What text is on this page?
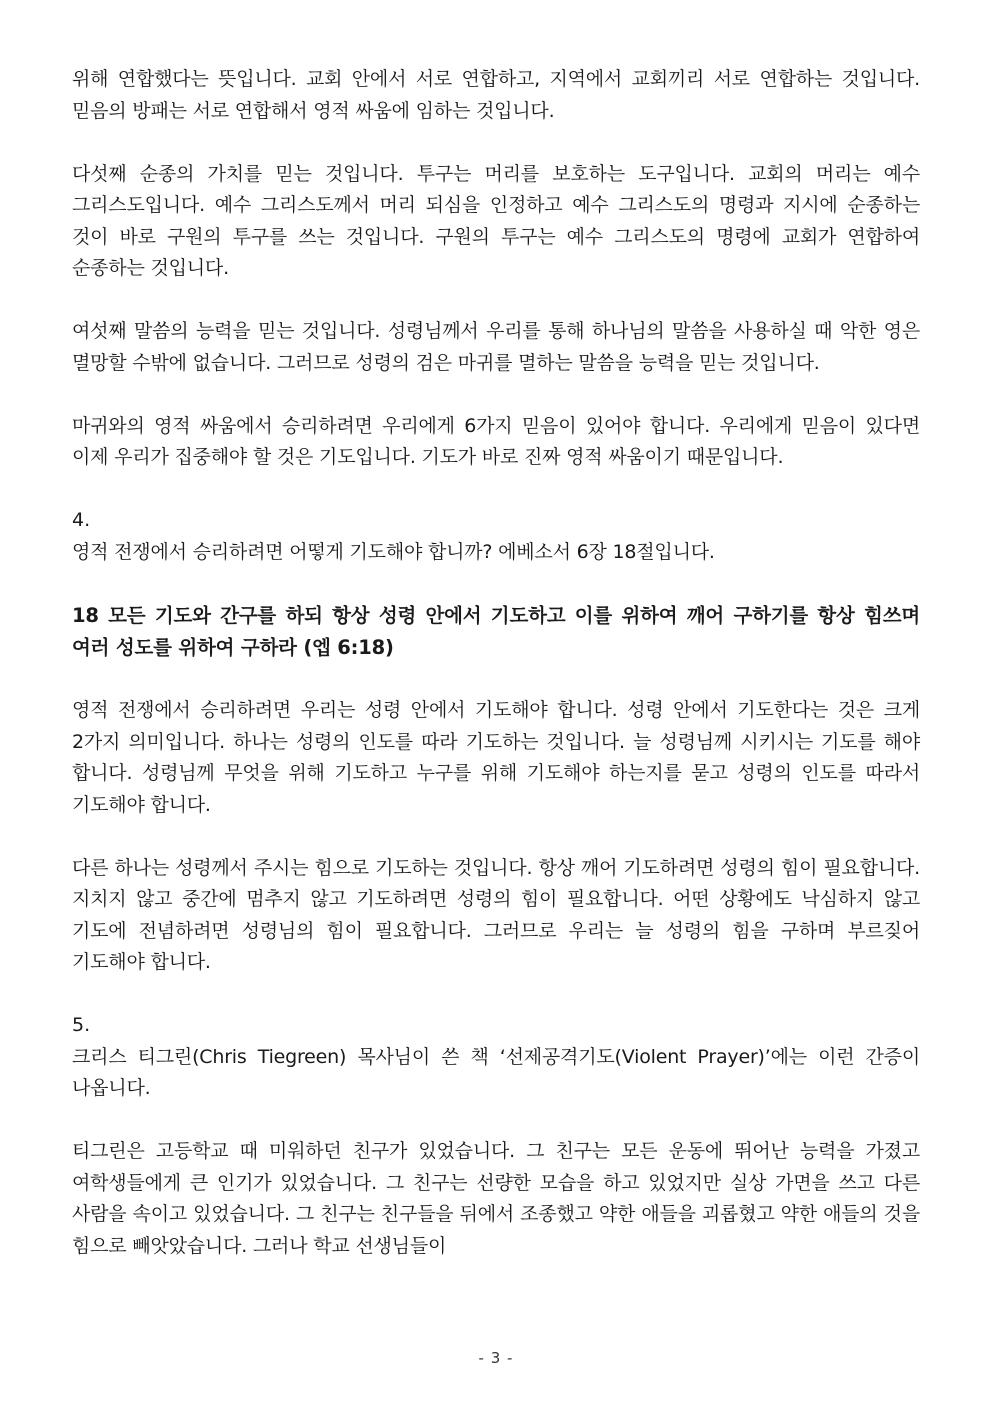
위해 연합했다는 뜻입니다. 교회 안에서 서로 연합하고, 지역에서 교회끼리 서로 연합하는 것입니다. 믿음의 방패는 서로 연합해서 영적 싸움에 임하는 것입니다.

다섯째 순종의 가치를 믿는 것입니다. 투구는 머리를 보호하는 도구입니다. 교회의 머리는 예수 그리스도입니다. 예수 그리스도께서 머리 되심을 인정하고 예수 그리스도의 명령과 지시에 순종하는 것이 바로 구원의 투구를 쓰는 것입니다. 구원의 투구는 예수 그리스도의 명령에 교회가 연합하여 순종하는 것입니다.

여섯째 말씀의 능력을 믿는 것입니다. 성령님께서 우리를 통해 하나님의 말씀을 사용하실 때 악한 영은 멸망할 수밖에 없습니다. 그러므로 성령의 검은 마귀를 멸하는 말씀을 능력을 믿는 것입니다.

마귀와의 영적 싸움에서 승리하려면 우리에게 6가지 믿음이 있어야 합니다. 우리에게 믿음이 있다면 이제 우리가 집중해야 할 것은 기도입니다. 기도가 바로 진짜 영적 싸움이기 때문입니다.

4.

영적 전쟁에서 승리하려면 어떻게 기도해야 합니까? 에베소서 6장 18절입니다.

18 모든 기도와 간구를 하되 항상 성령 안에서 기도하고 이를 위하여 깨어 구하기를 항상 힘쓰며 여러 성도를 위하여 구하라 (엡 6:18)

영적 전쟁에서 승리하려면 우리는 성령 안에서 기도해야 합니다. 성령 안에서 기도한다는 것은 크게 2가지 의미입니다. 하나는 성령의 인도를 따라 기도하는 것입니다. 늘 성령님께 시키시는 기도를 해야 합니다. 성령님께 무엇을 위해 기도하고 누구를 위해 기도해야 하는지를 묻고 성령의 인도를 따라서 기도해야 합니다.

다른 하나는 성령께서 주시는 힘으로 기도하는 것입니다. 항상 깨어 기도하려면 성령의 힘이 필요합니다. 지치지 않고 중간에 멈추지 않고 기도하려면 성령의 힘이 필요합니다. 어떤 상황에도 낙심하지 않고 기도에 전념하려면 성령님의 힘이 필요합니다. 그러므로 우리는 늘 성령의 힘을 구하며 부르짖어 기도해야 합니다.

5.

크리스 티그린(Chris Tiegreen) 목사님이 쓴 책 ‘선제공격기도(Violent Prayer)’에는 이런 간증이 나옵니다.

티그린은 고등학교 때 미워하던 친구가 있었습니다. 그 친구는 모든 운동에 뛰어난 능력을 가졌고 여학생들에게 큰 인기가 있었습니다. 그 친구는 선량한 모습을 하고 있었지만 실상 가면을 쓰고 다른 사람을 속이고 있었습니다. 그 친구는 친구들을 뒤에서 조종했고 약한 애들을 괴롭혔고 약한 애들의 것을 힘으로 빼앗았습니다. 그러나 학교 선생님들이

- 3 -
